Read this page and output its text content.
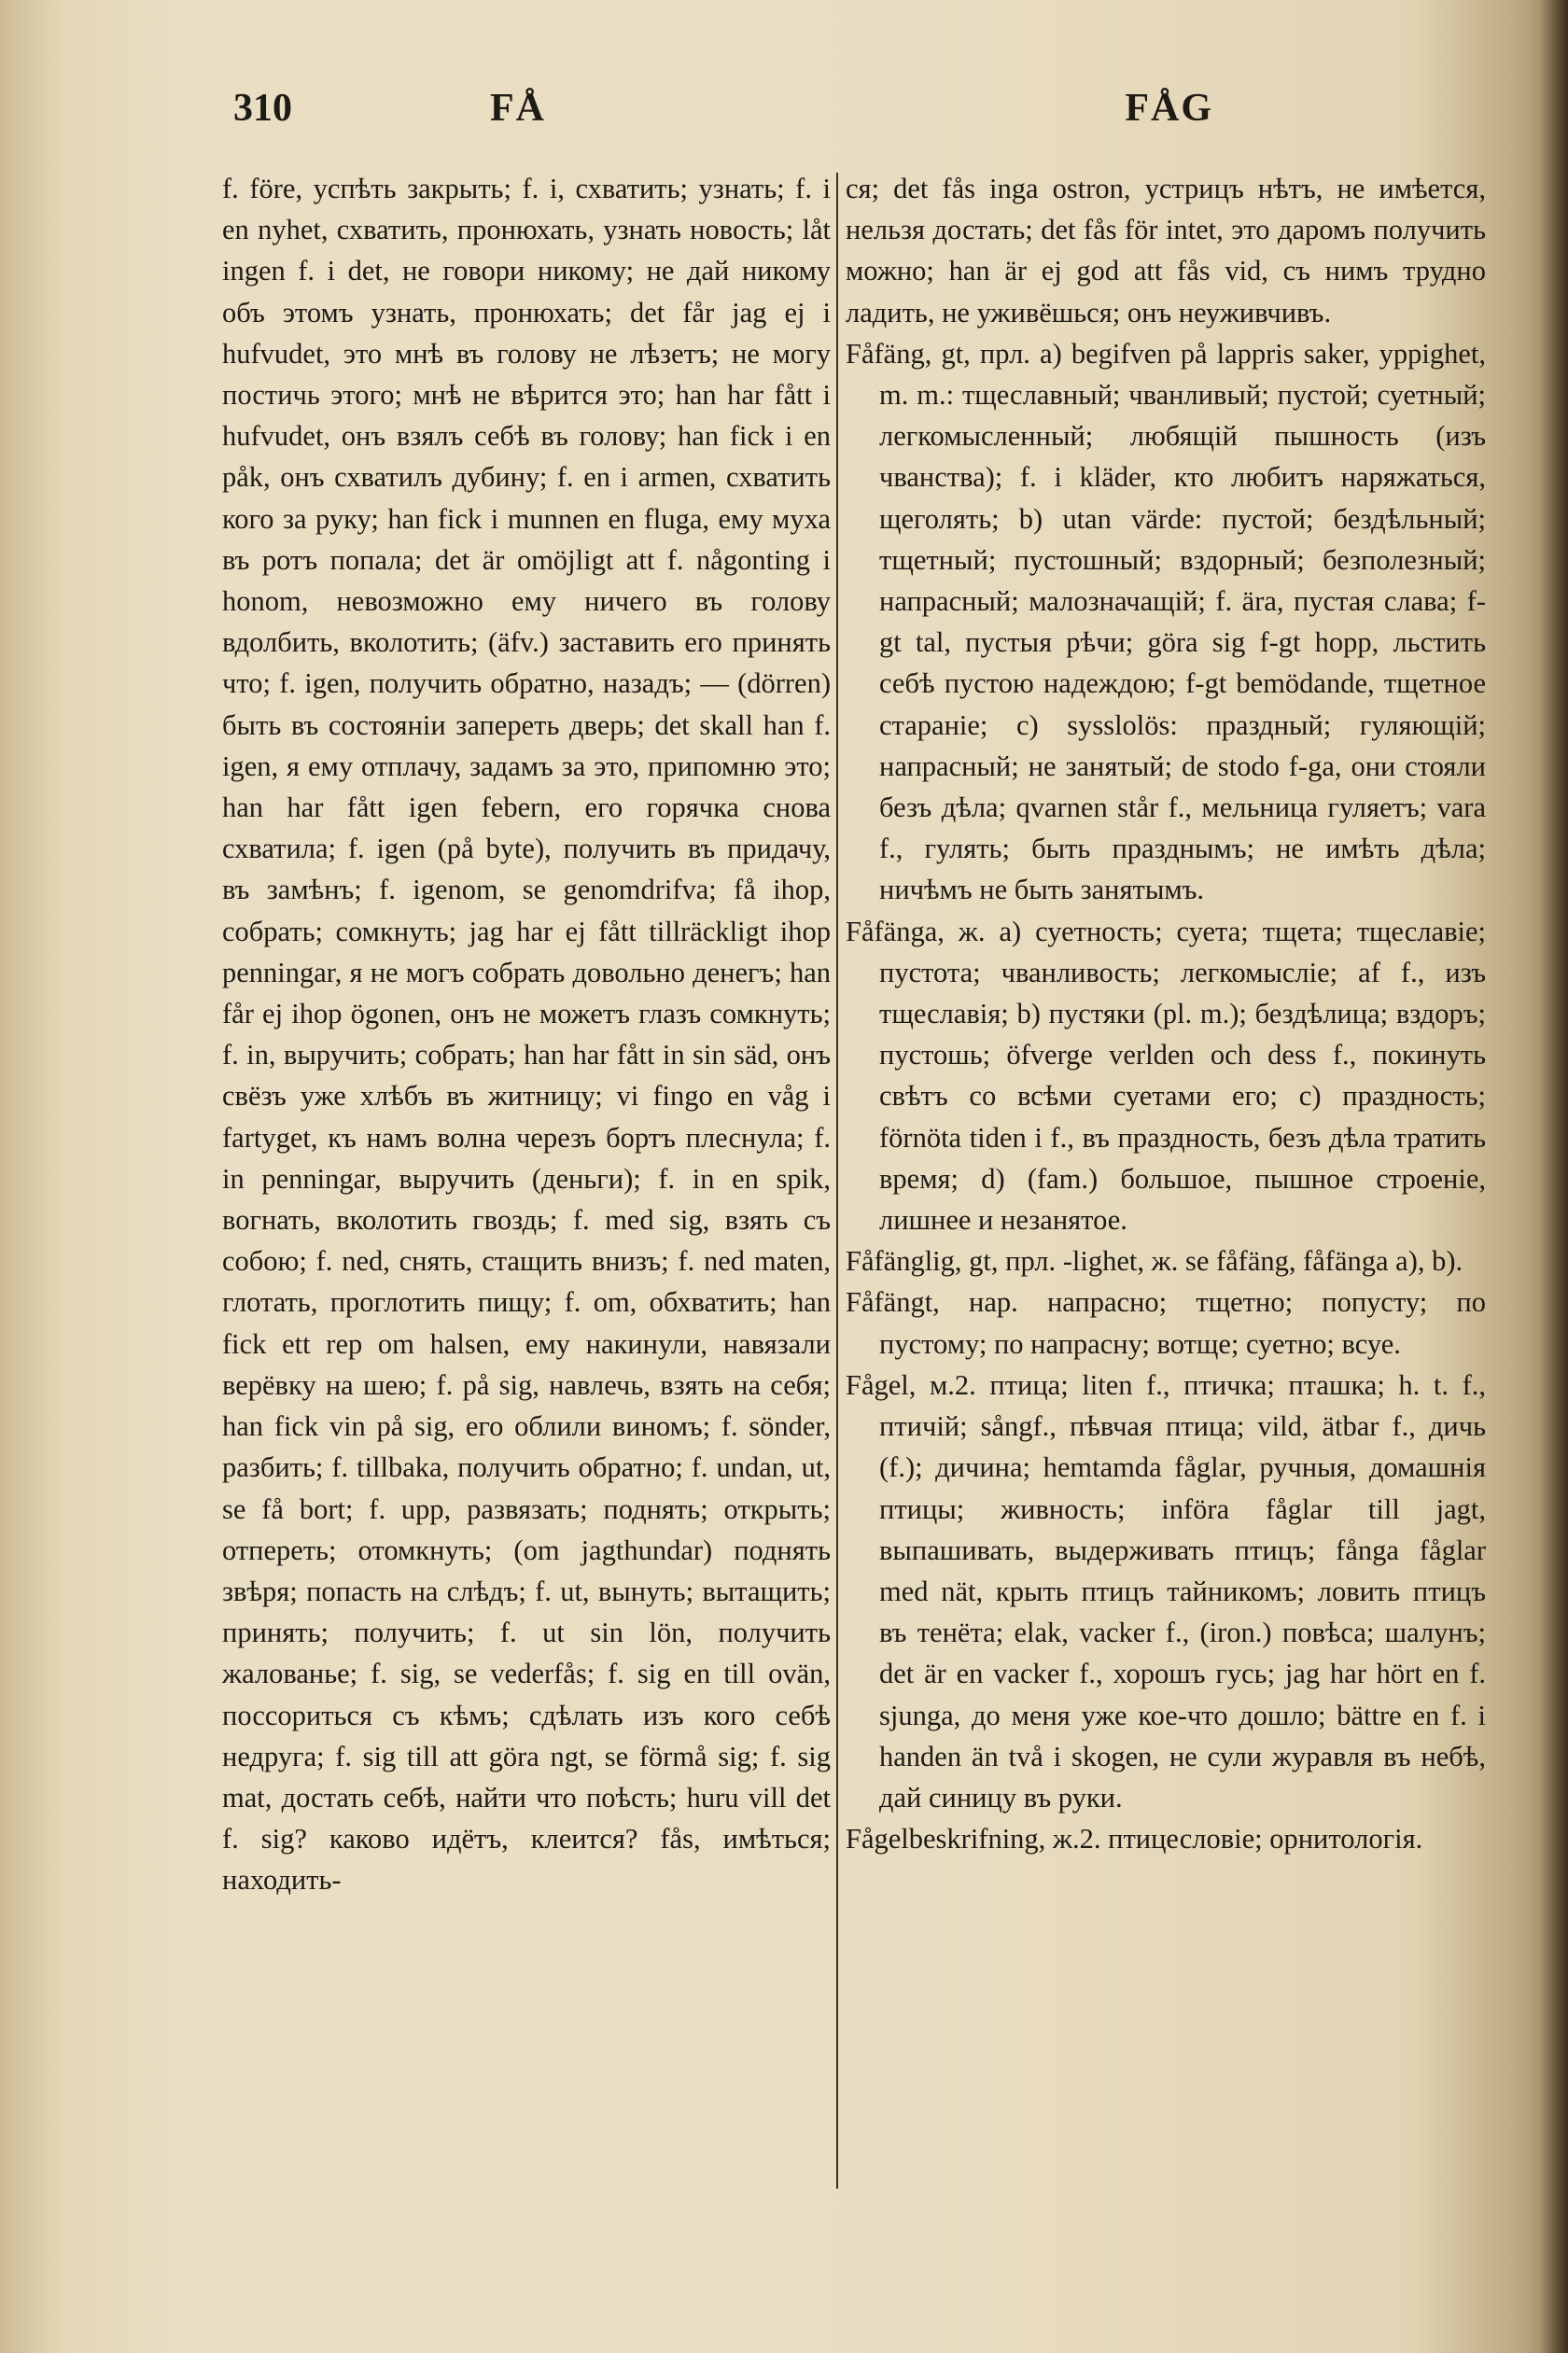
310	FÅ	FÅG

f. före, успѣть закрыть; f. i, схватить; узнать; f. i en nyhet, схватить, пронюхать, узнать новость; låt ingen f. i det, не говори никому; не дай никому объ этомъ узнать, пронюхать; det får jag ej i hufvudet, это мнѣ въ голову не лѣзетъ; не могу постичь этого; мнѣ не вѣрится это; han har fått i hufvudet, онъ взялъ себѣ въ голову; han fick i en påk, онъ схватилъ дубину; f. en i armen, схватить кого за руку; han fick i munnen en fluga, ему муха въ ротъ попала; det är omöjligt att f. någonting i honom, невозможно ему ничего въ голову вдолбить, вколотить; (äfv.) заставить его принять что; f. igen, получить обратно, назадъ; — (dörren) быть въ состояніи запереть дверь; det skall han f. igen, я ему отплачу, задамъ за это, припомню это; han har fått igen febern, его горячка снова схватила; f. igen (på byte), получить въ придачу, въ замѣнъ; f. igenom, se genomdrifva; få ihop, собрать; сомкнуть; jag har ej fått tillräckligt ihop penningar, я не могъ собрать довольно денегъ; han får ej ihop ögonen, онъ не можетъ глазъ сомкнуть; f. in, выручить; собрать; han har fått in sin säd, онъ свёзъ уже хлѣбъ въ житницу; vi fingo en våg i fartyget, къ намъ волна черезъ бортъ плеснула; f. in penningar, выручить (деньги); f. in en spik, вогнать, вколотить гвоздь; f. med sig, взять съ собою; f. ned, снять, стащить внизъ; f. ned maten, глотать, проглотить пищу; f. om, обхватить; han fick ett rep om halsen, ему накинули, навязали верёвку на шею; f. på sig, навлечь, взять на себя; han fick vin på sig, его облили виномъ; f. sönder, разбить; f. tillbaka, получить обратно; f. undan, ut, se få bort; f. upp, развязать; поднять; открыть; отпереть; отомкнуть; (om jagthundar) поднять звѣря; попасть на слѣдъ; f. ut, вынуть; вытащить; принять; получить; f. ut sin lön, получить жалованье; f. sig, se vederfås; f. sig en till ovän, поссориться съ кѣмъ; сдѣлать изъ кого себѣ недруга; f. sig till att göra ngt, se förmå sig; f. sig mat, достать себѣ, найти что поѣсть; huru vill det f. sig? каково идётъ, клеится? fås, имѣться; находить-

ся; det fås inga ostron, устрицъ нѣтъ, не имѣется, нельзя достать; det fås för intet, это даромъ получить можно; han är ej god att fås vid, съ нимъ трудно ладить, не уживёшься; онъ неуживчивъ.

Fåfäng, gt, прл. a) begifven på lappris saker, yppighet, m. m.: тщеславный; чванливый; пустой; суетный; легкомысленный; любящій пышность (изъ чванства); f. i kläder, кто любитъ наряжаться, щеголять; b) utan värde: пустой; бездѣльный; тщетный; пустошный; вздорный; безполезный; напрасный; малозначащій; f. ära, пустая слава; f-gt tal, пустыя рѣчи; göra sig f-gt hopp, льстить себѣ пустою надеждою; f-gt bemödande, тщетное стараніе; c) sysslolös: праздный; гуляющій; напрасный; не занятый; de stodo f-ga, они стояли безъ дѣла; qvarnen står f., мельница гуляетъ; vara f., гулять; быть празднымъ; не имѣть дѣла; ничѣмъ не быть занятымъ.

Fåfänga, ж. a) суетность; суета; тщета; тщеславіе; пустота; чванливость; легкомысліе; af f., изъ тщеславія; b) пустяки (pl. m.); бездѣлица; вздоръ; пустошь; öfverge verlden och dess f., покинуть свѣтъ со всѣми суетами его; c) праздность; förnöta tiden i f., въ праздность, безъ дѣла тратить время; d) (fam.) большое, пышное строеніе, лишнее и незанятое.

Fåfänglig, gt, прл. -lighet, ж. se fåfäng, fåfänga a), b).

Fåfängt, нар. напрасно; тщетно; попусту; по пустому; по напрасну; вотще; суетно; всуе.

Fågel, м.2. птица; liten f., птичка; пташка; h. t. f., птичій; sångf., пѣвчая птица; vild, ätbar f., дичь (f.); дичина; hemtamda fåglar, ручныя, домашнія птицы; живность; införa fåglar till jagt, выпашивать, выдерживать птицъ; fånga fåglar med nät, крыть птицъ тайникомъ; ловить птицъ въ тенёта; elak, vacker f., (iron.) повѣса; шалунъ; det är en vacker f., хорошъ гусь; jag har hört en f. sjunga, до меня уже кое-что дошло; bättre en f. i handen än två i skogen, не сули журавля въ небѣ, дай синицу въ руки.

Fågelbeskrifning, ж.2. птицесловіе; орнитологія.
